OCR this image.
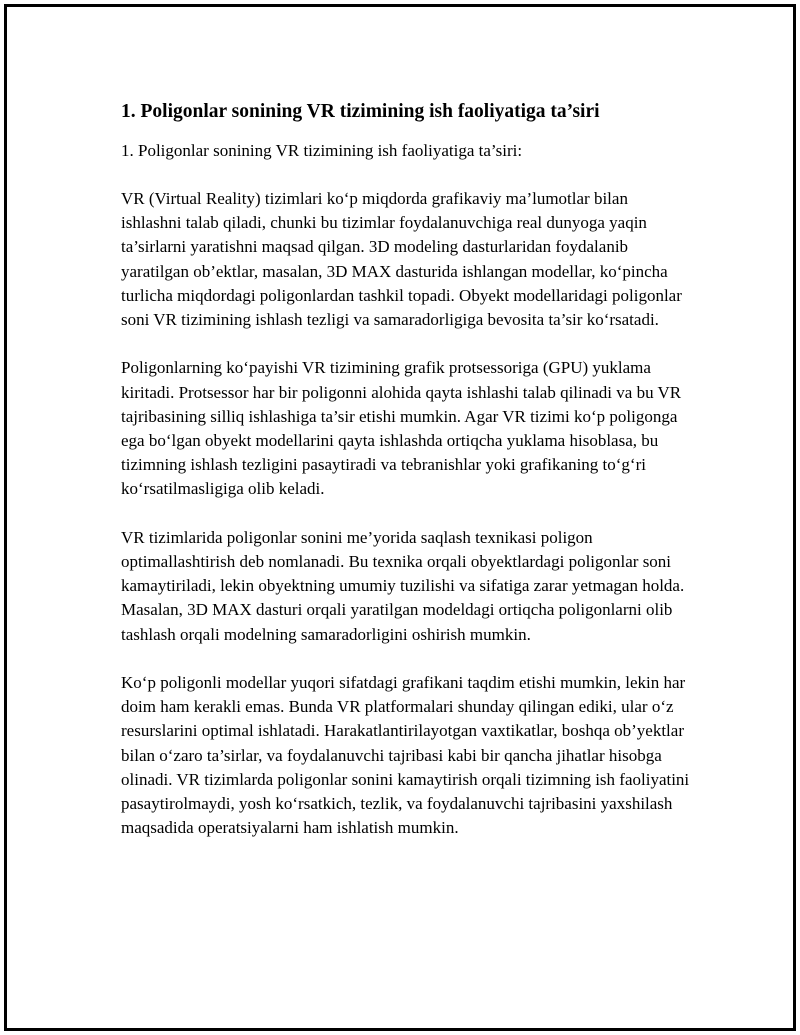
1. Poligonlar sonining VR tizimining ish faoliyatiga ta’siri
1. Poligonlar sonining VR tizimining ish faoliyatiga ta’siri:

VR (Virtual Reality) tizimlari ko‘p miqdorda grafikaviy ma’lumotlar bilan ishlashni talab qiladi, chunki bu tizimlar foydalanuvchiga real dunyoga yaqin ta’sirlarni yaratishni maqsad qilgan. 3D modeling dasturlaridan foydalanib yaratilgan ob’ektlar, masalan, 3D MAX dasturida ishlangan modellar, ko‘pincha turlicha miqdordagi poligonlardan tashkil topadi. Obyekt modellaridagi poligonlar soni VR tizimining ishlash tezligi va samaradorligiga bevosita ta’sir ko‘rsatadi.

Poligonlarning ko‘payishi VR tizimining grafik protsessoriga (GPU) yuklama kiritadi. Protsessor har bir poligonni alohida qayta ishlashi talab qilinadi va bu VR tajribasining silliq ishlashiga ta’sir etishi mumkin. Agar VR tizimi ko‘p poligonga ega bo‘lgan obyekt modellarini qayta ishlashda ortiqcha yuklama hisoblasa, bu tizimning ishlash tezligini pasaytiradi va tebranishlar yoki grafikaning to‘g‘ri ko‘rsatilmasligiga olib keladi.

VR tizimlarida poligonlar sonini me’yorida saqlash texnikasi poligon optimallashtirish deb nomlanadi. Bu texnika orqali obyektlardagi poligonlar soni kamaytiriladi, lekin obyektning umumiy tuzilishi va sifatiga zarar yetmagan holda. Masalan, 3D MAX dasturi orqali yaratilgan modeldagi ortiqcha poligonlarni olib tashlash orqali modelning samaradorligini oshirish mumkin.

Ko‘p poligonli modellar yuqori sifatdagi grafikani taqdim etishi mumkin, lekin har doim ham kerakli emas. Bunda VR platformalari shunday qilingan ediki, ular o‘z resurslarini optimal ishlatadi. Harakatlantirilayotgan vaxtikatlar, boshqa ob’yektlar bilan o‘zaro ta’sirlar, va foydalanuvchi tajribasi kabi bir qancha jihatlar hisobga olinadi. VR tizimlarda poligonlar sonini kamaytirish orqali tizimning ish faoliyatini pasaytirolmaydi, yosh ko‘rsatkich, tezlik, va foydalanuvchi tajribasini yaxshilash maqsadida operatsiyalarni ham ishlatish mumkin.
